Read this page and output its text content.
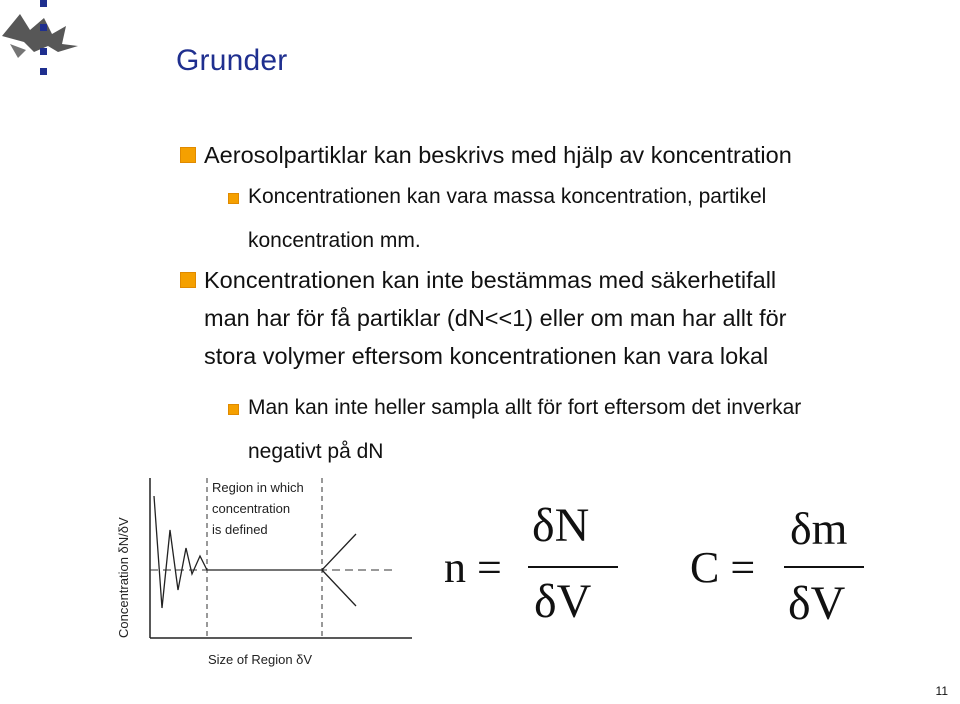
Grunder
Aerosolpartiklar kan beskrivs med hjälp av koncentration
Koncentrationen kan vara massa koncentration, partikel
koncentration mm.
Koncentrationen kan inte bestämmas med säkerhetifall
man har för få partiklar (dN<<1) eller om man har allt för
stora volymer eftersom koncentrationen kan vara lokal
Man kan inte heller sampla allt för fort eftersom det inverkar
negativt på dN
Region in which
concentration
is defined
Concentration δN/δV
Size of Region δV
n =
δN
δV
C =
δm
δV
11
